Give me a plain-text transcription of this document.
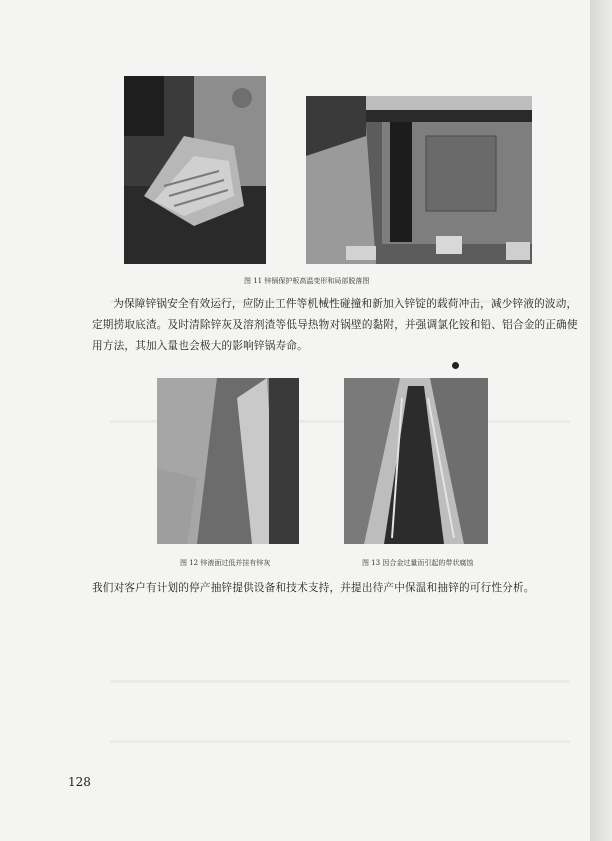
图 11 锌锅保护板高温变形和局部脱落图

为保障锌锅安全有效运行，应防止工件等机械性碰撞和新加入锌锭的载荷冲击，减少锌液的波动，定期捞取底渣。及时清除锌灰及溶剂渣等低导热物对锅壁的黏附，并强调氯化铵和铅、铝合金的正确使用方法，其加入量也会极大的影响锌锅寿命。

图 12 锌液面过低并挂有锌灰	图 13 因合金过量而引起的带状腐蚀

我们对客户有计划的停产抽锌提供设备和技术支持，并提出待产中保温和抽锌的可行性分析。

128
